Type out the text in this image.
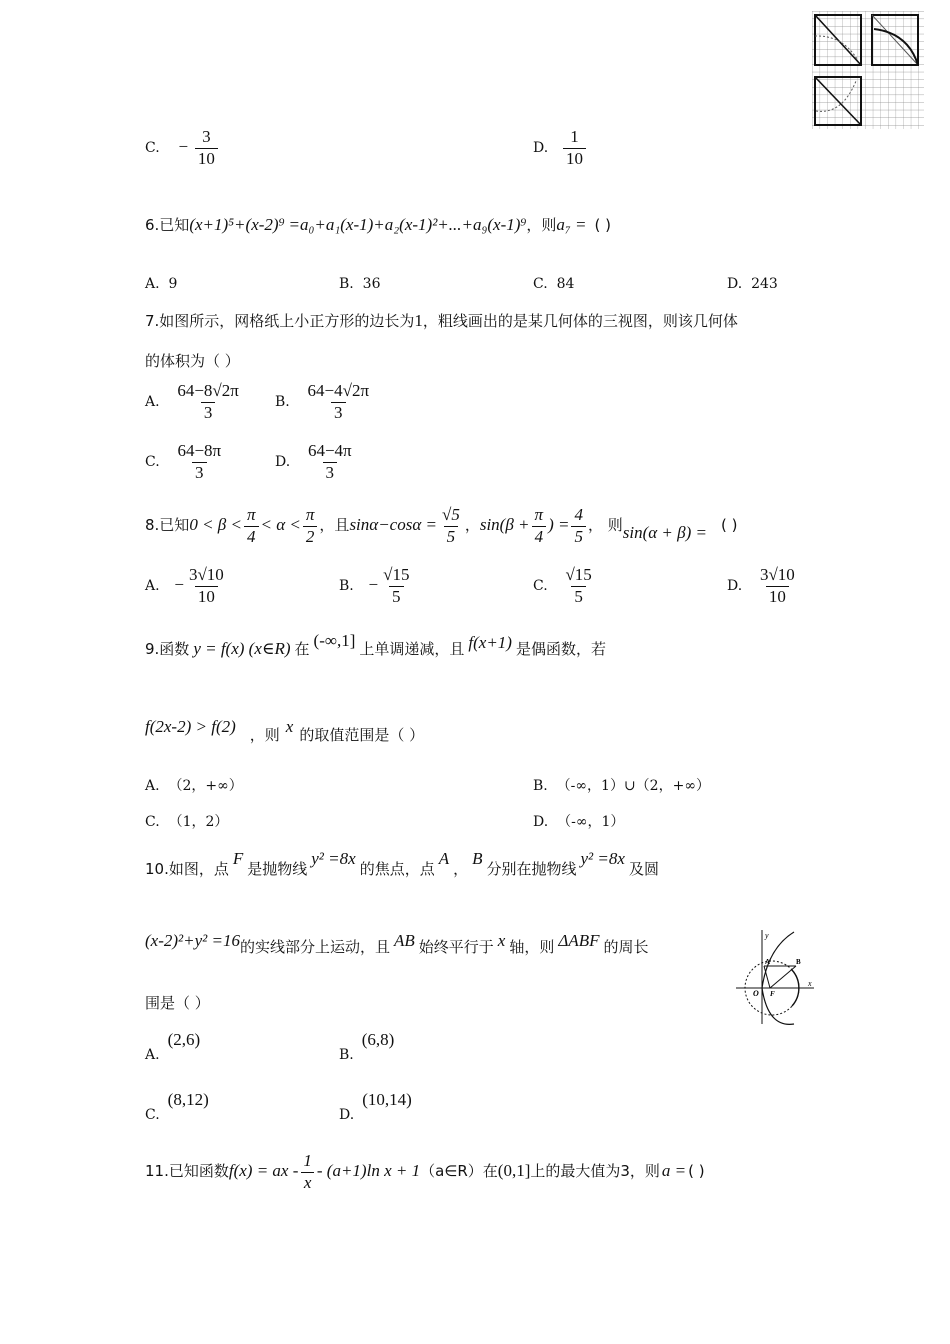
C. − $\frac{3}{10}$	D. $\frac{1}{10}$
6.已知(x+1)⁵+(x-2)⁹ =a₀+a₁(x-1)+a₂(x-1)²+...+a₉(x-1)⁹，则a₇ = ( )
A. 9	B. 36	C. 84	D. 243
7.如图所示，网格纸上小正方形的边长为1，粗线画出的是某几何体的三视图，则该几何体
的体积为（ ）
A. $\frac{64-8√2\pi}{3} B$. $\frac{64-4√2\pi}{3}$
C. $\frac{64-8\pi}{3}$	D. $\frac{64-4\pi}{3}$
8.已知$0 < \beta < \frac{\pi}{4} < \alpha < \frac{\pi}{2}$ ，且$\sin\alpha-\cos\alpha = \frac{√5}{5}$ ，$\sin(\beta + \frac{\pi}{4}$ ) = $\frac{4}{5}$ ， 则sin(α + β) = ( )
A. − $\frac{3√10}{10}$	B. − $\frac{√15}{5}$	C. $\frac{√15}{5}$	D. $\frac{3√10}{10}$
9.函数 y = f(x) (x∈R) 在 (-∞,1] 上单调递减，且 f(x+1) 是偶函数，若
f(2x-2) > f(2) ，则 x 的取值范围是（ ）
A. （2，+∞）	B. （-∞，1）∪（2，+∞）
C. （1，2）	D. （-∞，1）
10.如图，点F是抛物线y² =8x的焦点，点A，B分别在抛物线y² =8x及圆
(x-2)²+y² =16的实线部分上运动，且 AB 始终平行于 x 轴，则 ΔABF 的周长
y
x
A	B
O F
围是（ ）
A.(2,6)
B.(6,8)
C.(8,12)
D.(10,14)
11.已知函数f(x) = ax - $\frac{1}{x} - (a+1)\ln$ x + 1（a∈R）在(0,1]上的最大值为3，则 a = ( )
